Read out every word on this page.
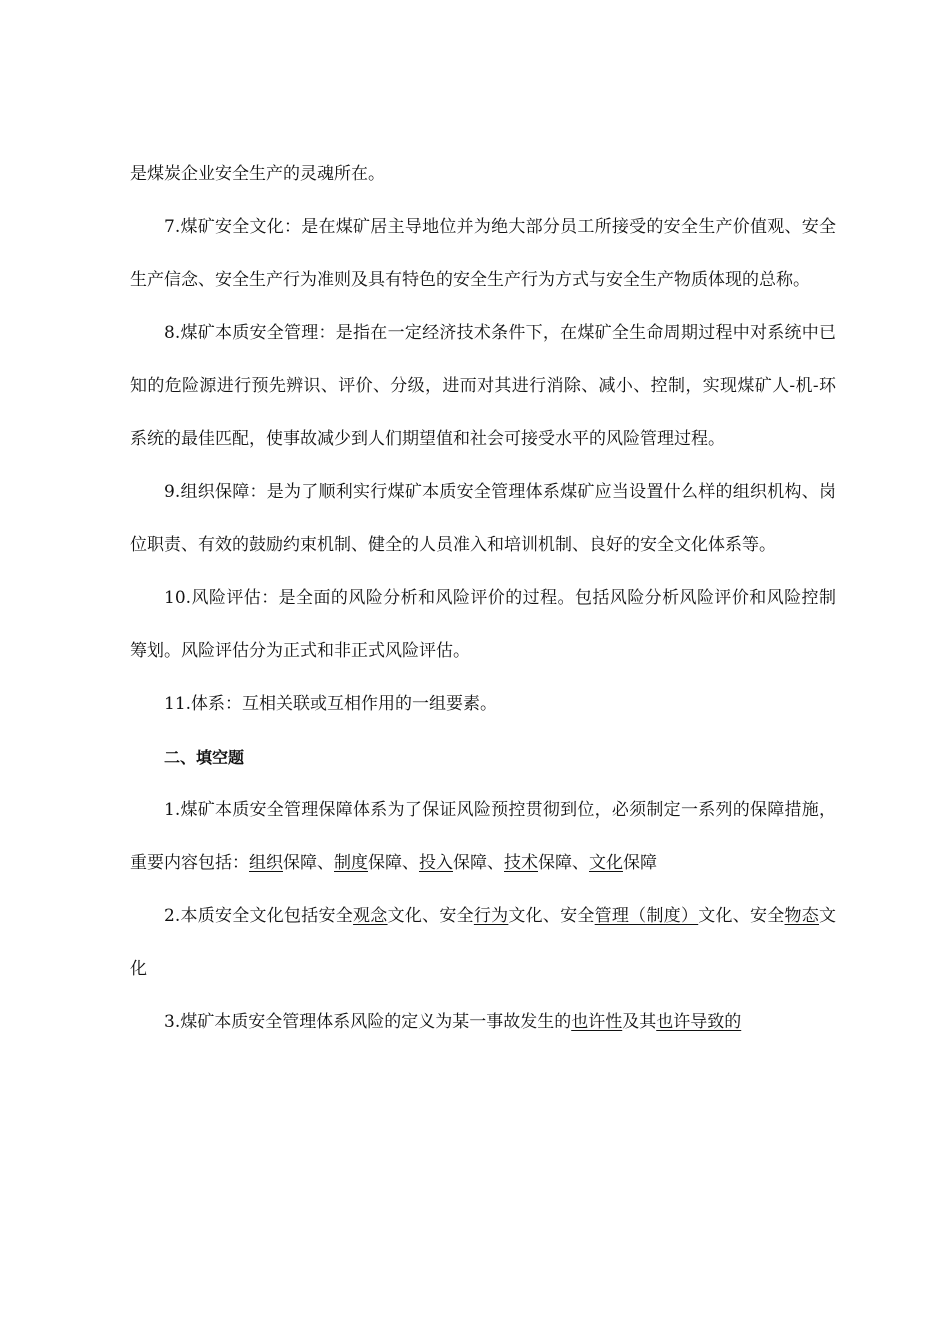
是煤炭企业安全生产的灵魂所在。

7.煤矿安全文化：是在煤矿居主导地位并为绝大部分员工所接受的安全生产价值观、安全生产信念、安全生产行为准则及具有特色的安全生产行为方式与安全生产物质体现的总称。

8.煤矿本质安全管理：是指在一定经济技术条件下，在煤矿全生命周期过程中对系统中已知的危险源进行预先辨识、评价、分级，进而对其进行消除、减小、控制，实现煤矿人-机-环系统的最佳匹配，使事故减少到人们期望值和社会可接受水平的风险管理过程。

9.组织保障：是为了顺利实行煤矿本质安全管理体系煤矿应当设置什么样的组织机构、岗位职责、有效的鼓励约束机制、健全的人员准入和培训机制、良好的安全文化体系等。

10.风险评估：是全面的风险分析和风险评价的过程。包括风险分析风险评价和风险控制筹划。风险评估分为正式和非正式风险评估。

11.体系：互相关联或互相作用的一组要素。

二、填空题

1.煤矿本质安全管理保障体系为了保证风险预控贯彻到位，必须制定一系列的保障措施，重要内容包括：组织保障、制度保障、投入保障、技术保障、文化保障

2.本质安全文化包括安全观念文化、安全行为文化、安全管理（制度）文化、安全物态文化

3.煤矿本质安全管理体系风险的定义为某一事故发生的也许性及其也许导致的
